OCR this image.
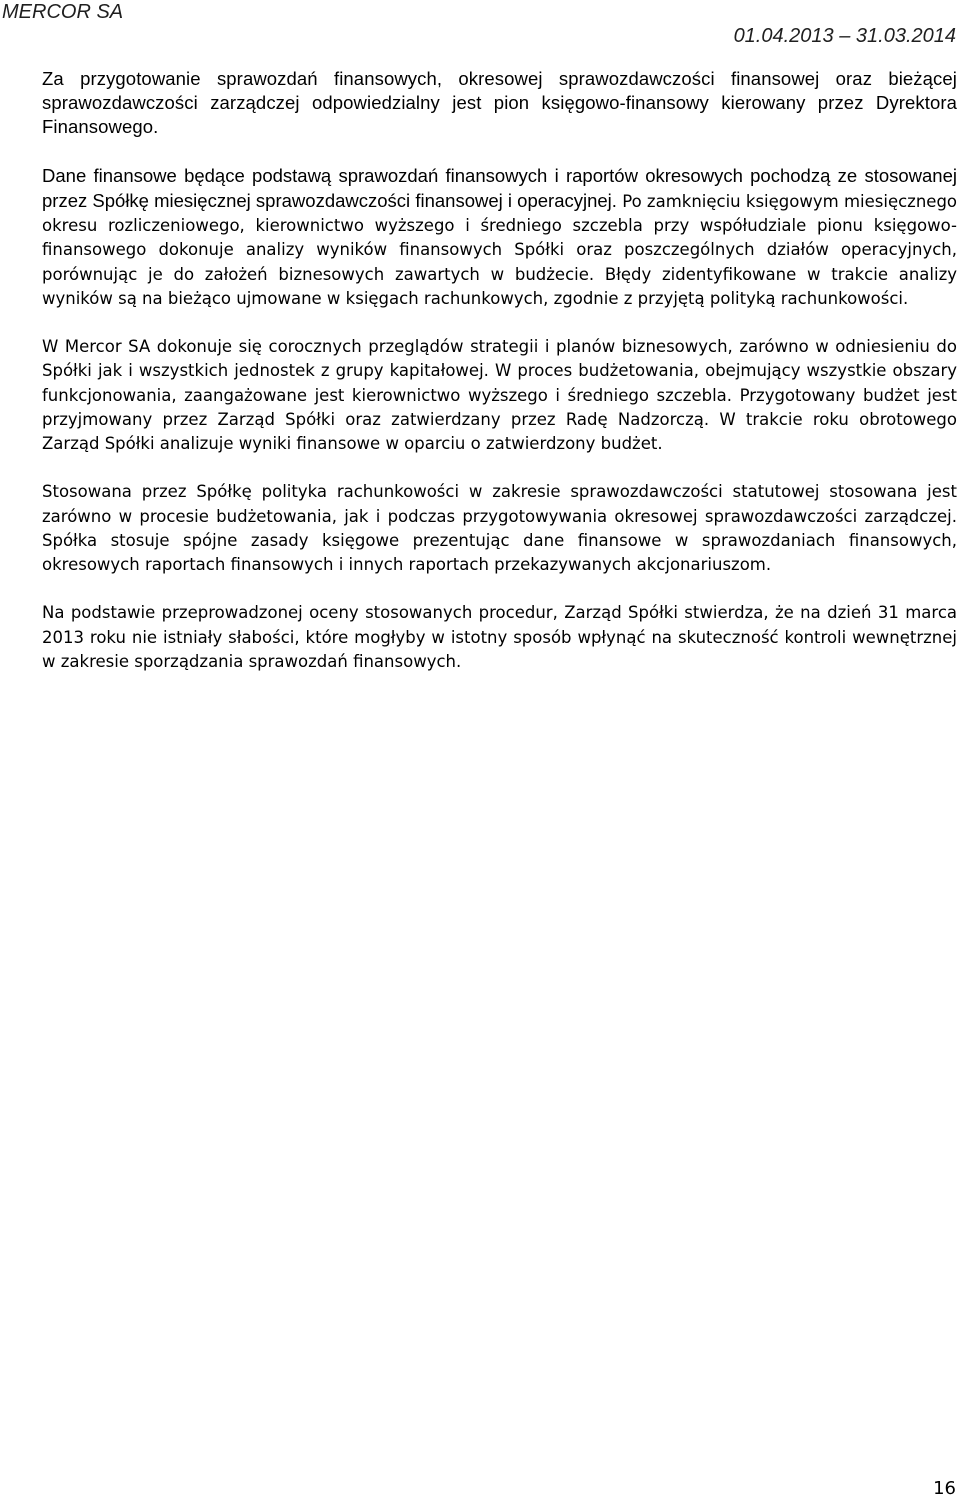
MERCOR SA
01.04.2013 – 31.03.2014

Za przygotowanie sprawozdań finansowych, okresowej sprawozdawczości finansowej oraz bieżącej sprawozdawczości zarządczej odpowiedzialny jest pion księgowo-finansowy kierowany przez Dyrektora Finansowego.

Dane finansowe będące podstawą sprawozdań finansowych i raportów okresowych pochodzą ze stosowanej przez Spółkę miesięcznej sprawozdawczości finansowej i operacyjnej. Po zamknięciu księgowym miesięcznego okresu rozliczeniowego, kierownictwo wyższego i średniego szczebla przy współudziale pionu księgowo-finansowego dokonuje analizy wyników finansowych Spółki oraz poszczególnych działów operacyjnych, porównując je do założeń biznesowych zawartych w budżecie. Błędy zidentyfikowane w trakcie analizy wyników są na bieżąco ujmowane w księgach rachunkowych, zgodnie z przyjętą polityką rachunkowości.

W Mercor SA dokonuje się corocznych przeglądów strategii i planów biznesowych, zarówno w odniesieniu do Spółki jak i wszystkich jednostek z grupy kapitałowej. W proces budżetowania, obejmujący wszystkie obszary funkcjonowania, zaangażowane jest kierownictwo wyższego i średniego szczebla. Przygotowany budżet jest przyjmowany przez Zarząd Spółki oraz zatwierdzany przez Radę Nadzorczą. W trakcie roku obrotowego Zarząd Spółki analizuje wyniki finansowe w oparciu o zatwierdzony budżet.

Stosowana przez Spółkę polityka rachunkowości w zakresie sprawozdawczości statutowej stosowana jest zarówno w procesie budżetowania, jak i podczas przygotowywania okresowej sprawozdawczości zarządczej. Spółka stosuje spójne zasady księgowe prezentując dane finansowe w sprawozdaniach finansowych, okresowych raportach finansowych i innych raportach przekazywanych akcjonariuszom.

Na podstawie przeprowadzonej oceny stosowanych procedur, Zarząd Spółki stwierdza, że na dzień 31 marca 2013 roku nie istniały słabości, które mogłyby w istotny sposób wpłynąć na skuteczność kontroli wewnętrznej w zakresie sporządzania sprawozdań finansowych.

16
